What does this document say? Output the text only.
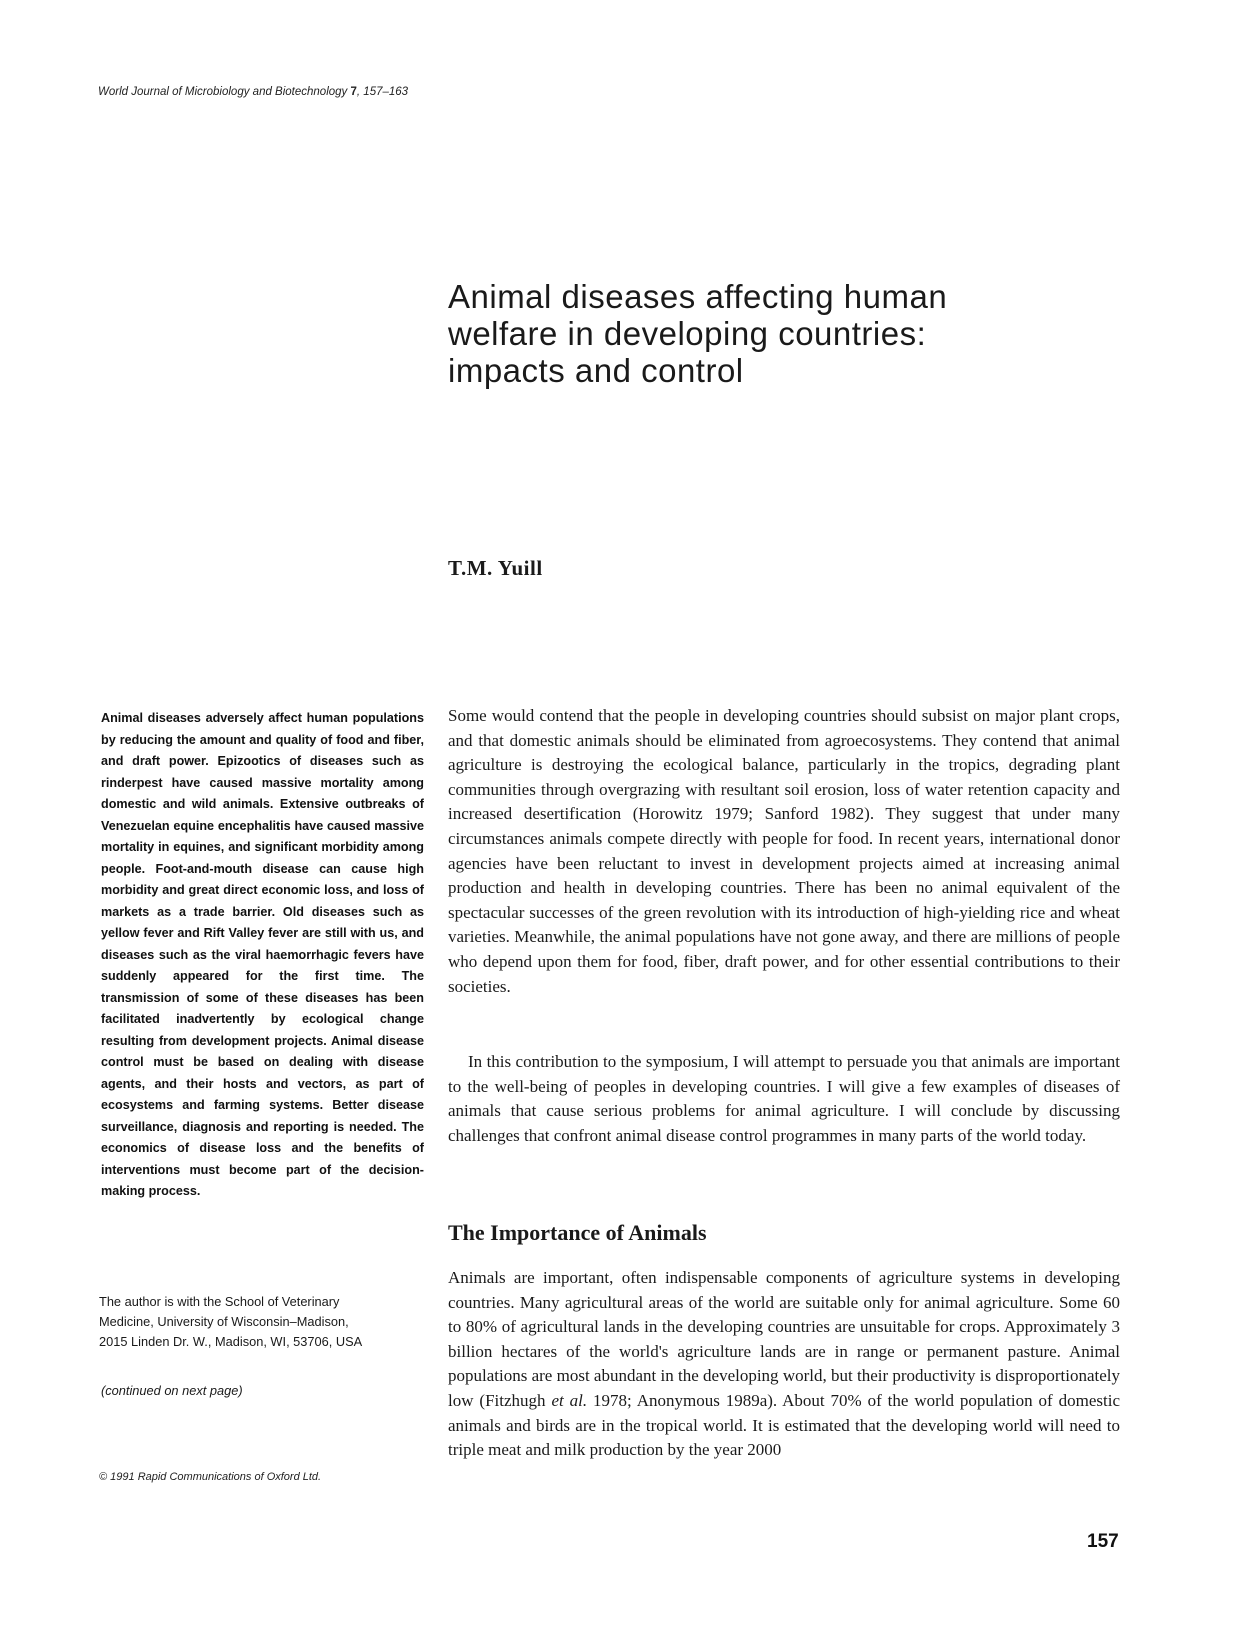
World Journal of Microbiology and Biotechnology 7, 157–163
Animal diseases affecting human
welfare in developing countries:
impacts and control
T.M. Yuill

Animal diseases adversely affect human populations by reducing the amount and quality of food and fiber, and draft power. Epizootics of diseases such as rinderpest have caused massive mortality among domestic and wild animals. Extensive outbreaks of Venezuelan equine encephalitis have caused massive mortality in equines, and significant morbidity among people. Foot-and-mouth disease can cause high morbidity and great direct economic loss, and loss of markets as a trade barrier. Old diseases such as yellow fever and Rift Valley fever are still with us, and diseases such as the viral haemorrhagic fevers have suddenly appeared for the first time. The transmission of some of these diseases has been facilitated inadvertently by ecological change resulting from development projects. Animal disease control must be based on dealing with disease agents, and their hosts and vectors, as part of ecosystems and farming systems. Better disease surveillance, diagnosis and reporting is needed. The economics of disease loss and the benefits of interventions must become part of the decision-making process.

The author is with the School of Veterinary
Medicine, University of Wisconsin–Madison,
2015 Linden Dr. W., Madison, WI, 53706, USA

(continued on next page)
© 1991 Rapid Communications of Oxford Ltd.

Some would contend that the people in developing countries should subsist on major plant crops, and that domestic animals should be eliminated from agroecosystems. They contend that animal agriculture is destroying the ecological balance, particularly in the tropics, degrading plant communities through overgrazing with resultant soil erosion, loss of water retention capacity and increased desertification (Horowitz 1979; Sanford 1982). They suggest that under many circumstances animals compete directly with people for food. In recent years, international donor agencies have been reluctant to invest in development projects aimed at increasing animal production and health in developing countries. There has been no animal equivalent of the spectacular successes of the green revolution with its introduction of high-yielding rice and wheat varieties. Meanwhile, the animal populations have not gone away, and there are millions of people who depend upon them for food, fiber, draft power, and for other essential contributions to their societies.

In this contribution to the symposium, I will attempt to persuade you that animals are important to the well-being of peoples in developing countries. I will give a few examples of diseases of animals that cause serious problems for animal agriculture. I will conclude by discussing challenges that confront animal disease control programmes in many parts of the world today.

The Importance of Animals

Animals are important, often indispensable components of agriculture systems in developing countries. Many agricultural areas of the world are suitable only for animal agriculture. Some 60 to 80% of agricultural lands in the developing countries are unsuitable for crops. Approximately 3 billion hectares of the world's agriculture lands are in range or permanent pasture. Animal populations are most abundant in the developing world, but their productivity is disproportionately low (Fitzhugh et al. 1978; Anonymous 1989a). About 70% of the world population of domestic animals and birds are in the tropical world. It is estimated that the developing world will need to triple meat and milk production by the year 2000

157
